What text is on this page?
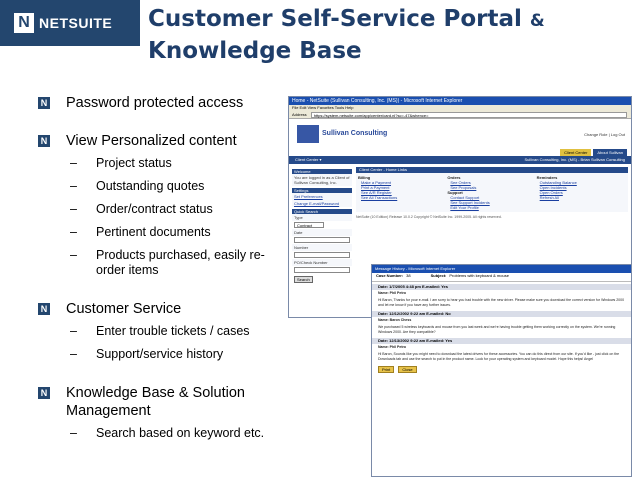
N NETSUITE Customer Self-Service Portal &
Knowledge Base
N Password protected access
N View Personalized content
–	Project status
–	Outstanding quotes
–	Order/contract status
–	Pertinent documents
–	Products purchased, easily re-order items
N Customer Service
–	Enter trouble tickets / cases
–	Support/service history
N Knowledge Base & Solution Management
–	Search based on keyword etc.
Home - NetSuite (Sullivan Consulting, Inc. (MS)) - Microsoft Internet Explorer
File Edit View Favorites Tools Help
Address	https://system.netsuite.com/app/center/card.nl?sc=-47&whence=
Sullivan Consulting	Change Role | Log Out
Client Center	About Sullivan
Client Center ▾	Sullivan Consulting, Inc. (MS) - Brian Sullivan Consulting
Welcome
You are logged in as a Client of Sullivan Consulting, Inc.
Settings
Set Preferences
Change E-mail/Password
Quick Search
Type
Contract
Date
Number
PO/Check Number
Search
Client Center - Home Links
Billing
Make a Payment
Print a Payment
See A/R Register
See All Transactions
Orders
See Orders
See Proposals
Support
Contact Support
See Support Incidents
Edit Your Profile
Reminders
Outstanding Balance
Open Incidents
Open Orders
Refresh All
NetSuite (10 Edition) Release 10.0.2 Copyright © NetSuite Inc. 1999-2005. All rights reserved.
Message History - Microsoft Internet Explorer
Case Number: 38	Subject: Problems with keyboard & mouse
Date: 1/7/2005 4:48 pm E-mailed: Yes
Name: Phil Petro
Hi Baron, Thanks for your e-mail. I am sorry to hear you had trouble with the new driver. Please make sure you download the correct version for Windows 2000 and let me know if you have any further issues.
Date: 12/12/2002 9:22 am E-mailed: No
Name: Baron Chess
We purchased 5 wireless keyboards and mouse from you last week and we're having trouble getting them working correctly on the system. We're running Windows 2000. Are they compatible?
Date: 12/13/2002 9:22 am E-mailed: Yes
Name: Phil Petro
Hi Baron, Sounds like you might need to download the latest drivers for these accessories. You can do this direct from our site. If you'd like - just click on the Downloads tab and use the search to put in the product name. Look for your operating system and keyboard model. Hope this helps! Angel
Print	Close
